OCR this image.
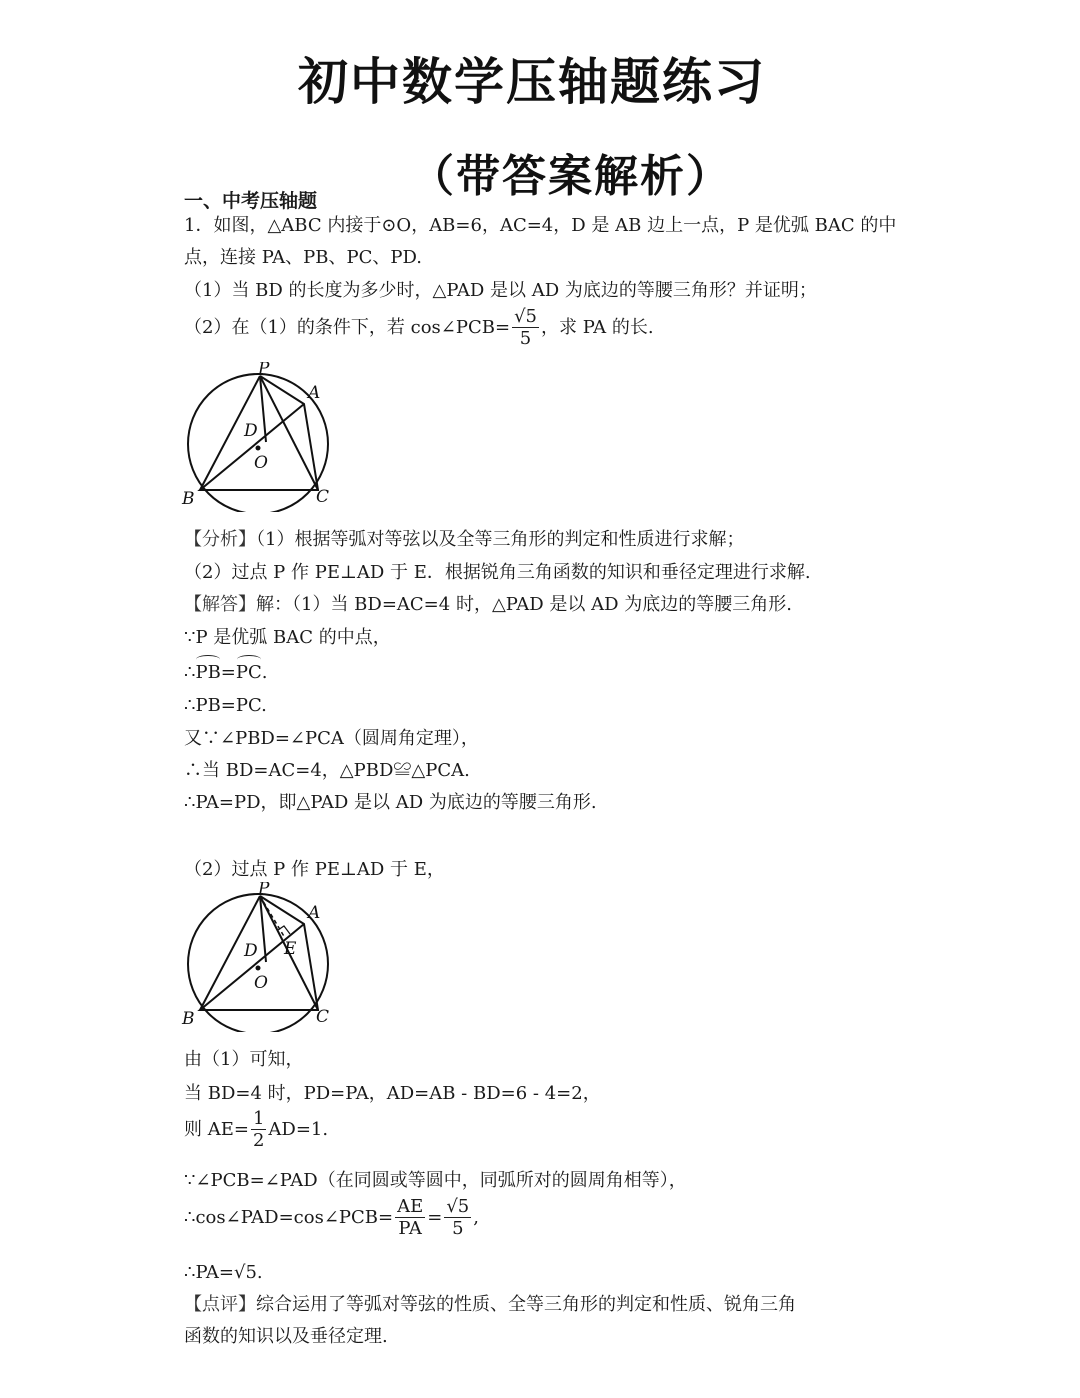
初中数学压轴题练习
（带答案解析）
一、中考压轴题
1．如图，△ABC 内接于⊙O，AB=6，AC=4，D 是 AB 边上一点，P 是优弧 BAC 的中
点，连接 PA、PB、PC、PD.
（1）当 BD 的长度为多少时，△PAD 是以 AD 为底边的等腰三角形？并证明；
（2）在（1）的条件下，若 cos∠PCB= $\frac{√5}{5}$ ，求 PA 的长.
P
A
D
O
B	C
【分析】（1）根据等弧对等弦以及全等三角形的判定和性质进行求解；
（2）过点 P 作 PE⊥AD 于 E．根据锐角三角函数的知识和垂径定理进行求解.
【解答】解：（1）当 BD=AC=4 时，△PAD 是以 AD 为底边的等腰三角形.
∵P 是优弧 BAC 的中点，
∴PB=PC.
∴PB=PC.
又∵∠PBD=∠PCA（圆周角定理），
∴当 BD=AC=4，△PBD≌△PCA.
∴PA=PD，即△PAD 是以 AD 为底边的等腰三角形.
（2）过点 P 作 PE⊥AD 于 E，
P
A
D E
O
B	C
由（1）可知，
当 BD=4 时，PD=PA，AD=AB - BD=6 - 4=2，
则 $AE= \frac{1}{2} AD=1$.
∵∠PCB=∠PAD（在同圆或等圆中，同弧所对的圆周角相等），
∴cos∠PAD=cos∠PCB= $\frac{AE}{PA} = \frac{√5}{5}$ ,
∴PA=√5.
【点评】综合运用了等弧对等弦的性质、全等三角形的判定和性质、锐角三角
函数的知识以及垂径定理.
